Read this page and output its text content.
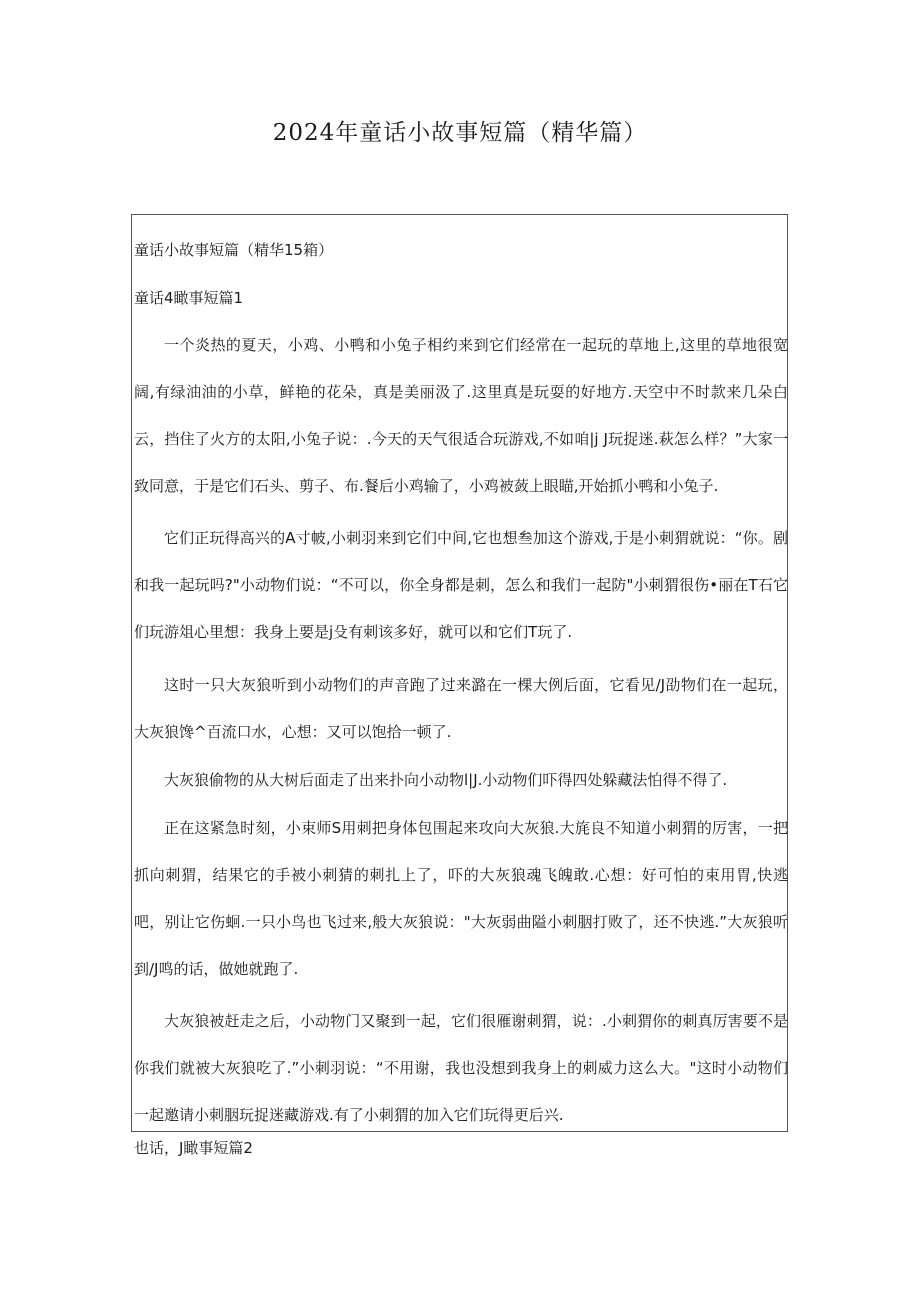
2024年童话小故事短篇（精华篇）

童话小故事短篇（精华15箱）

童话4瞰事短篇1

一个炎热的夏天，小鸡、小鸭和小兔子相约来到它们经常在一起玩的草地上,这里的草地很宽阔,有绿油油的小草，鲜艳的花朵，真是美丽汲了.这里真是玩耍的好地方.天空中不时款来几朵白云，挡住了火方的太阳,小兔子说：.今天的天气很适合玩游戏,不如咱|j J玩捉迷.萩怎么样？”大家一致同意，于是它们石头、剪子、布.餐后小鸡输了，小鸡被蔹上眼瞄,开始抓小鸭和小兔子.

它们正玩得高兴的A寸帔,小刺羽来到它们中间,它也想叁加这个游戏,于是小刺猬就说：“你。剧和我一起玩吗?"小动物们说：“不可以，你全身都是刺，怎么和我们一起防"小刺猬很伤•丽在T石它们玩游俎心里想：我身上要是j殳有刺该多好，就可以和它们T玩了.

这时一只大灰狼听到小动物们的声音跑了过来潞在一棵大例后面，它看见/J劭物们在一起玩，大灰狼馋^百流口水，心想：又可以饱拾一顿了.

大灰狼偷物的从大树后面走了出来扑向小动物l|J.小动物们吓得四处躲藏法怕得不得了.

正在这紧急时刻，小束师S用刺把身体包围起来攻向大灰狼.大旄良不知道小刺猬的厉害，一把抓向刺猬，结果它的手被小刺猜的刺扎上了，吓的大灰狼魂飞魄敢.心想：好可怕的束用胃,快逃吧，别让它伤蛔.一只小鸟也飞过来,般大灰狼说："大灰弱曲隘小刺胭打败了，还不快逃.”大灰狼听到/J鸣的话，做她就跑了.

大灰狼被赶走之后，小动物门又聚到一起，它们很雁谢刺猬，说：.小刺猬你的刺真厉害要不是你我们就被大灰狼吃了.”小刺羽说：“不用谢，我也没想到我身上的刺威力这么大。"这时小动物们一起邀请小刺胭玩捉迷藏游戏.有了小刺猬的加入它们玩得更后兴.

也话，J瞰事短篇2
